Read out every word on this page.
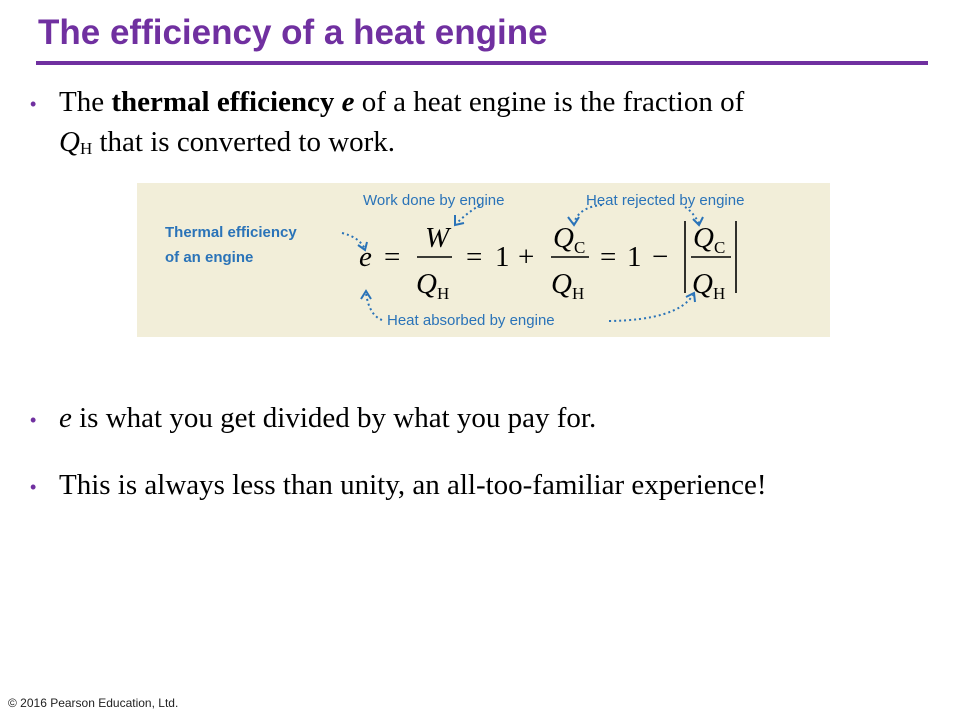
The efficiency of a heat engine
• The thermal efficiency e of a heat engine is the fraction of
$Q_H$ that is converted to work.
Work done by engine	Heat rejected by engine
Heat absorbed by engine
Thermal efficiency
of an engine	e =
W
Q H
= 1 +
Q C
Q H
= 1 −
Q C
Q H
• e is what you get divided by what you pay for.
• This is always less than unity, an all-too-familiar experience!
© 2016 Pearson Education, Ltd.
